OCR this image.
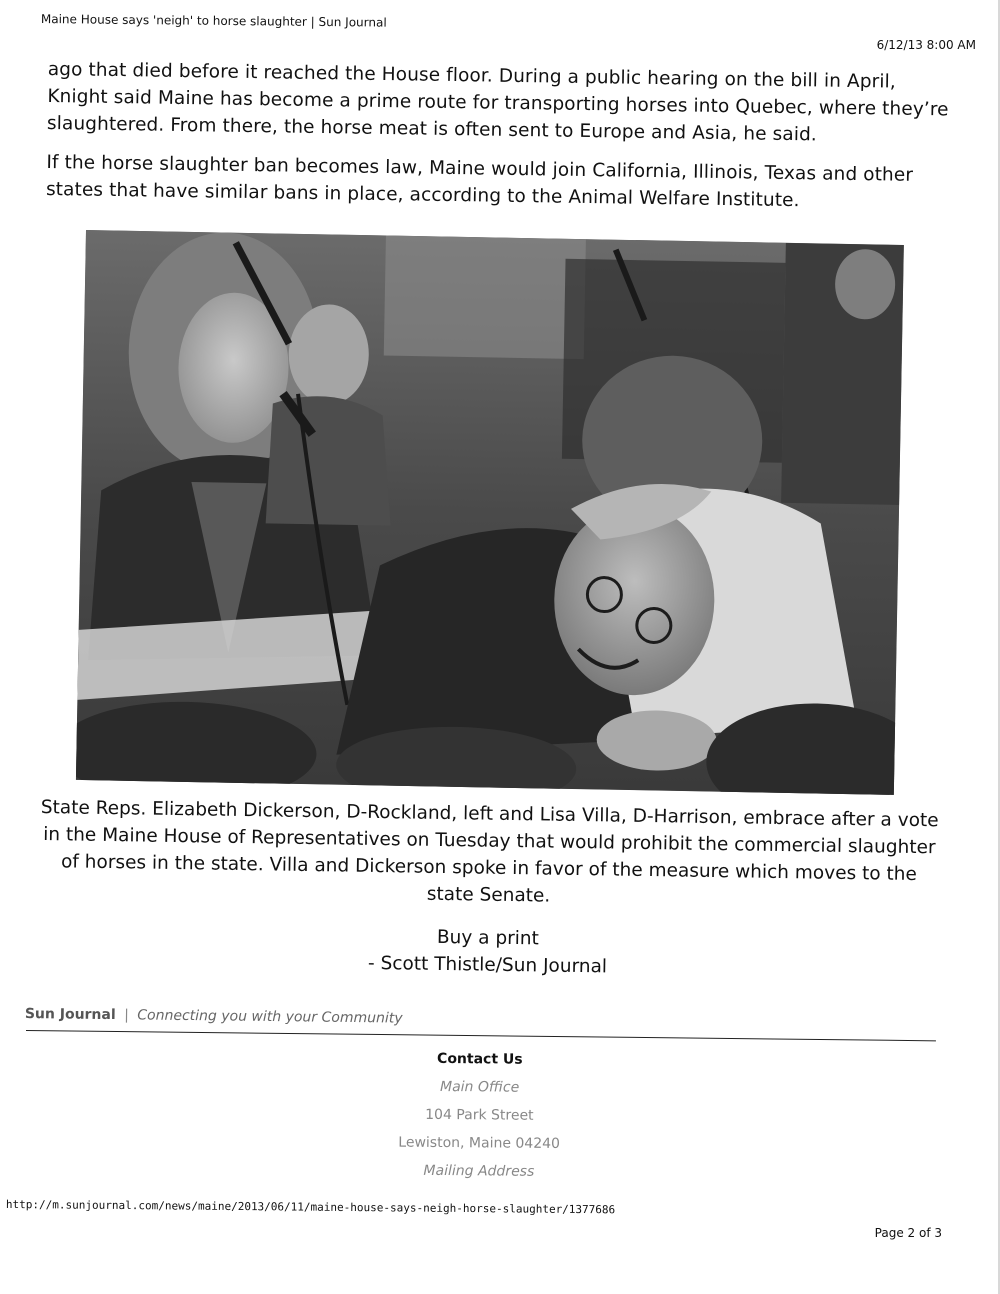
Maine House says 'neigh' to horse slaughter | Sun Journal
6/12/13 8:00 AM

ago that died before it reached the House floor. During a public hearing on the bill in April, Knight said Maine has become a prime route for transporting horses into Quebec, where they’re slaughtered. From there, the horse meat is often sent to Europe and Asia, he said.

If the horse slaughter ban becomes law, Maine would join California, Illinois, Texas and other states that have similar bans in place, according to the Animal Welfare Institute.

State Reps. Elizabeth Dickerson, D-Rockland, left and Lisa Villa, D-Harrison, embrace after a vote in the Maine House of Representatives on Tuesday that would prohibit the commercial slaughter of horses in the state. Villa and Dickerson spoke in favor of the measure which moves to the state Senate.

Buy a print
- Scott Thistle/Sun Journal
Sun Journal | Connecting you with your Community
Contact Us
Main Office
104 Park Street
Lewiston, Maine 04240
Mailing Address
http://m.sunjournal.com/news/maine/2013/06/11/maine-house-says-neigh-horse-slaughter/1377686
Page 2 of 3
